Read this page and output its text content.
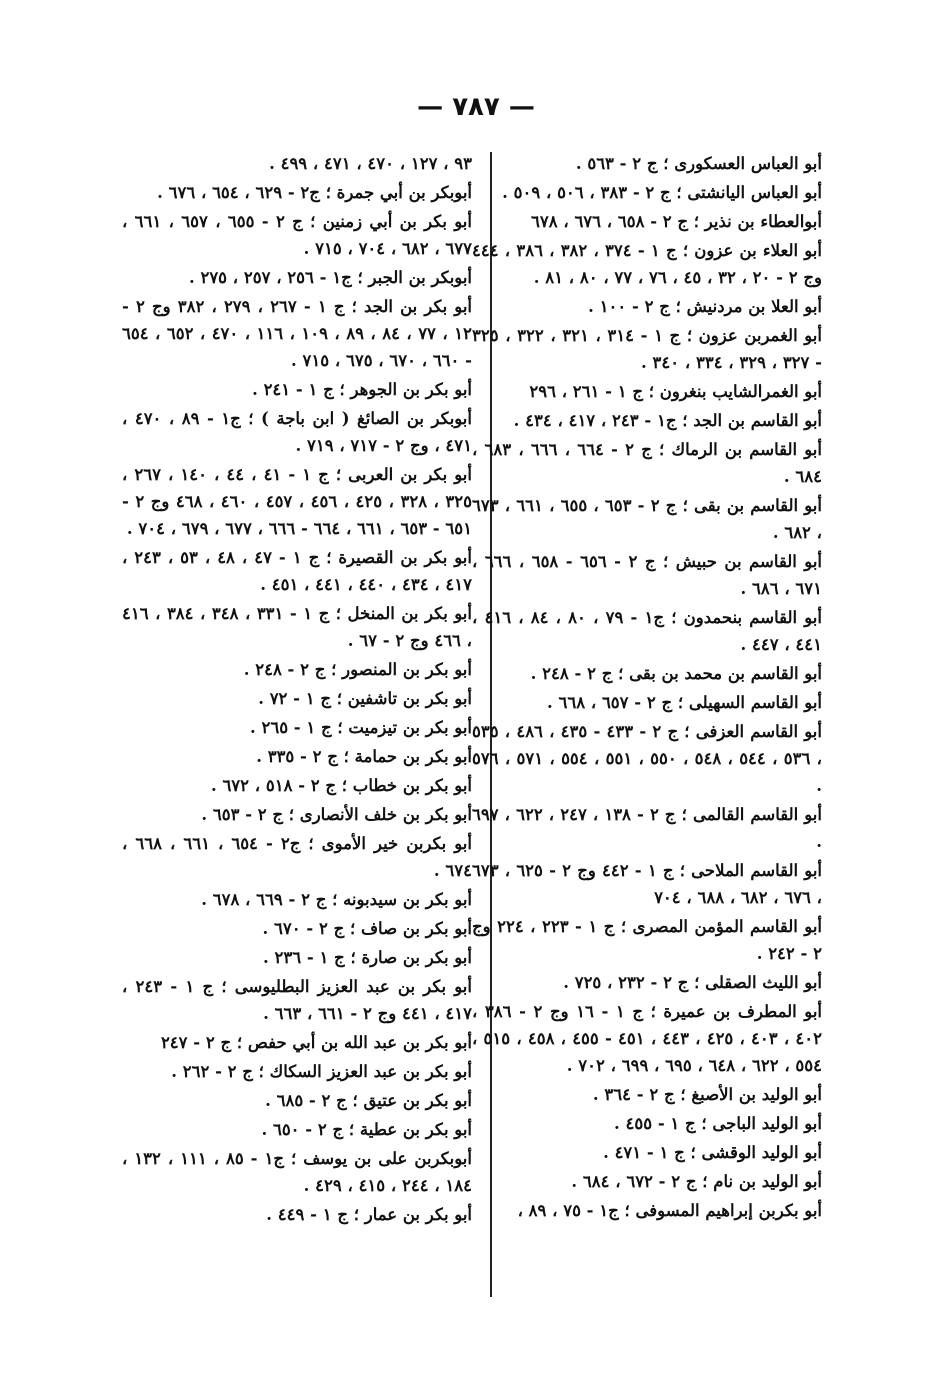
— ٧٨٧ —

أبو العباس العسكورى ؛ ج ٢ - ٥٦٣ .

أبو العباس اليانشتى ؛ ج ٢ - ٣٨٣ ، ٥٠٦ ، ٥٠٩ .

أبوالعطاء بن نذير ؛ ج ٢ - ٦٥٨ ، ٦٧٦ ، ٦٧٨

أبو العلاء بن عزون ؛ ج ١ - ٣٧٤ ، ٣٨٢ ، ٣٨٦ ، ٤٤٤ وج ٢ - ٢٠ ، ٣٢ ، ٤٥ ، ٧٦ ، ٧٧ ، ٨٠ ، ٨١ .

أبو العلا بن مردنيش ؛ ج ٢ - ١٠٠ .

أبو الغمربن عزون ؛ ج ١ - ٣١٤ ، ٣٢١ ، ٣٢٢ ، ٣٢٥ - ٣٢٧ ، ٣٢٩ ، ٣٣٤ ، ٣٤٠ .

أبو الغمرالشايب بنغرون ؛ ج ١ - ٢٦١ ، ٢٩٦

أبو القاسم بن الجد ؛ ج١ - ٢٤٣ ، ٤١٧ ، ٤٣٤ .

أبو القاسم بن الرماك ؛ ج ٢ - ٦٦٤ ، ٦٦٦ ، ٦٨٣ ، ٦٨٤ .

أبو القاسم بن بقى ؛ ج ٢ - ٦٥٣ ، ٦٥٥ ، ٦٦١ ، ٦٧٣ ، ٦٨٢ .

أبو القاسم بن حبيش ؛ ج ٢ - ٦٥٦ - ٦٥٨ ، ٦٦٦ ، ٦٧١ ، ٦٨٦ .

أبو القاسم بنحمدون ؛ ج١ - ٧٩ ، ٨٠ ، ٨٤ ، ٤١٦ ، ٤٤١ ، ٤٤٧ .

أبو القاسم بن محمد بن بقى ؛ ج ٢ - ٢٤٨ .

أبو القاسم السهيلى ؛ ج ٢ - ٦٥٧ ، ٦٦٨ .

أبو القاسم العزفى ؛ ج ٢ - ٤٣٣ - ٤٣٥ ، ٤٨٦ ، ٥٣٥ ، ٥٣٦ ، ٥٤٤ ، ٥٤٨ ، ٥٥٠ ، ٥٥١ ، ٥٥٤ ، ٥٧١ ، ٥٧٦ .

أبو القاسم القالمى ؛ ج ٢ - ١٣٨ ، ٢٤٧ ، ٦٢٢ ، ٦٩٧ .

أبو القاسم الملاحى ؛ ج ١ - ٤٤٢ وج ٢ - ٦٢٥ ، ٦٧٣ ، ٦٧٦ ، ٦٨٢ ، ٦٨٨ ، ٧٠٤

أبو القاسم المؤمن المصرى ؛ ج ١ - ٢٢٣ ، ٢٢٤ وج ٢ - ٢٤٢ .

أبو الليث الصقلى ؛ ج ٢ - ٢٣٢ ، ٧٢٥ .

أبو المطرف بن عميرة ؛ ج ١ - ١٦ وج ٢ - ٣٨٦ ، ٤٠٢ ، ٤٠٣ ، ٤٢٥ ، ٤٤٣ ، ٤٥١ - ٤٥٥ ، ٤٥٨ ، ٥١٥ ، ٥٥٤ ، ٦٢٢ ، ٦٤٨ ، ٦٩٥ ، ٦٩٩ ، ٧٠٢ .

أبو الوليد بن الأصبغ ؛ ج ٢ - ٣٦٤ .

أبو الوليد الباجى ؛ ج ١ - ٤٥٥ .

أبو الوليد الوقشى ؛ ج ١ - ٤٧١ .

أبو الوليد بن نام ؛ ج ٢ - ٦٧٢ ، ٦٨٤ .

أبو بكربن إبراهيم المسوفى ؛ ج١ - ٧٥ ، ٨٩ ،

٩٣ ، ١٢٧ ، ٤٧٠ ، ٤٧١ ، ٤٩٩ .

أبوبكر بن أبي جمرة ؛ ج٢ - ٦٢٩ ، ٦٥٤ ، ٦٧٦ .

أبو بكر بن أبي زمنين ؛ ج ٢ - ٦٥٥ ، ٦٥٧ ، ٦٦١ ، ٦٧٧ ، ٦٨٢ ، ٧٠٤ ، ٧١٥ .

أبوبكر بن الجبر ؛ ج١ - ٢٥٦ ، ٢٥٧ ، ٢٧٥ .

أبو بكر بن الجد ؛ ج ١ - ٢٦٧ ، ٢٧٩ ، ٣٨٢ وج ٢ - ١٢ ، ٧٧ ، ٨٤ ، ٨٩ ، ١٠٩ ، ١١٦ ، ٤٧٠ ، ٦٥٢ ، ٦٥٤ - ٦٦٠ ، ٦٧٠ ، ٦٧٥ ، ٧١٥ .

أبو بكر بن الجوهر ؛ ج ١ - ٢٤١ .

أبوبكر بن الصائغ ( ابن باجة ) ؛ ج١ - ٨٩ ، ٤٧٠ ، ٤٧١ ، وج ٢ - ٧١٧ ، ٧١٩ .

أبو بكر بن العربى ؛ ج ١ - ٤١ ، ٤٤ ، ١٤٠ ، ٢٦٧ ، ٣٢٥ ، ٣٢٨ ، ٤٢٥ ، ٤٥٦ ، ٤٥٧ ، ٤٦٠ ، ٤٦٨ وج ٢ - ٦٥١ - ٦٥٣ ، ٦٦١ ، ٦٦٤ - ٦٦٦ ، ٦٧٧ ، ٦٧٩ ، ٧٠٤ .

أبو بكر بن القصيرة ؛ ج ١ - ٤٧ ، ٤٨ ، ٥٣ ، ٢٤٣ ، ٤١٧ ، ٤٣٤ ، ٤٤٠ ، ٤٤١ ، ٤٥١ .

أبو بكر بن المنخل ؛ ج ١ - ٣٣١ ، ٣٤٨ ، ٣٨٤ ، ٤١٦ ، ٤٦٦ وج ٢ - ٦٧ .

أبو بكر بن المنصور ؛ ج ٢ - ٢٤٨ .

أبو بكر بن تاشفين ؛ ج ١ - ٧٢ .

أبو بكر بن تيزميت ؛ ج ١ - ٢٦٥ .

أبو بكر بن حمامة ؛ ج ٢ - ٣٣٥ .

أبو بكر بن خطاب ؛ ج ٢ - ٥١٨ ، ٦٧٢ .

أبو بكر بن خلف الأنصارى ؛ ج ٢ - ٦٥٣ .

أبو بكربن خير الأموى ؛ ج٢ - ٦٥٤ ، ٦٦١ ، ٦٦٨ ، ٦٧٤ .

أبو بكر بن سيدبونه ؛ ج ٢ - ٦٦٩ ، ٦٧٨ .

أبو بكر بن صاف ؛ ج ٢ - ٦٧٠ .

أبو بكر بن صارة ؛ ج ١ - ٢٣٦ .

أبو بكر بن عبد العزيز البطليوسى ؛ ج ١ - ٢٤٣ ، ٤١٧ ، ٤٤١ وج ٢ - ٦٦١ ، ٦٦٣ .

أبو بكر بن عبد الله بن أبي حفص ؛ ج ٢ - ٢٤٧

أبو بكر بن عبد العزيز السكاك ؛ ج ٢ - ٢٦٢ .

أبو بكر بن عتيق ؛ ج ٢ - ٦٨٥ .

أبو بكر بن عطية ؛ ج ٢ - ٦٥٠ .

أبوبكربن على بن يوسف ؛ ج١ - ٨٥ ، ١١١ ، ١٣٢ ، ١٨٤ ، ٢٤٤ ، ٤١٥ ، ٤٢٩ .

أبو بكر بن عمار ؛ ج ١ - ٤٤٩ .
